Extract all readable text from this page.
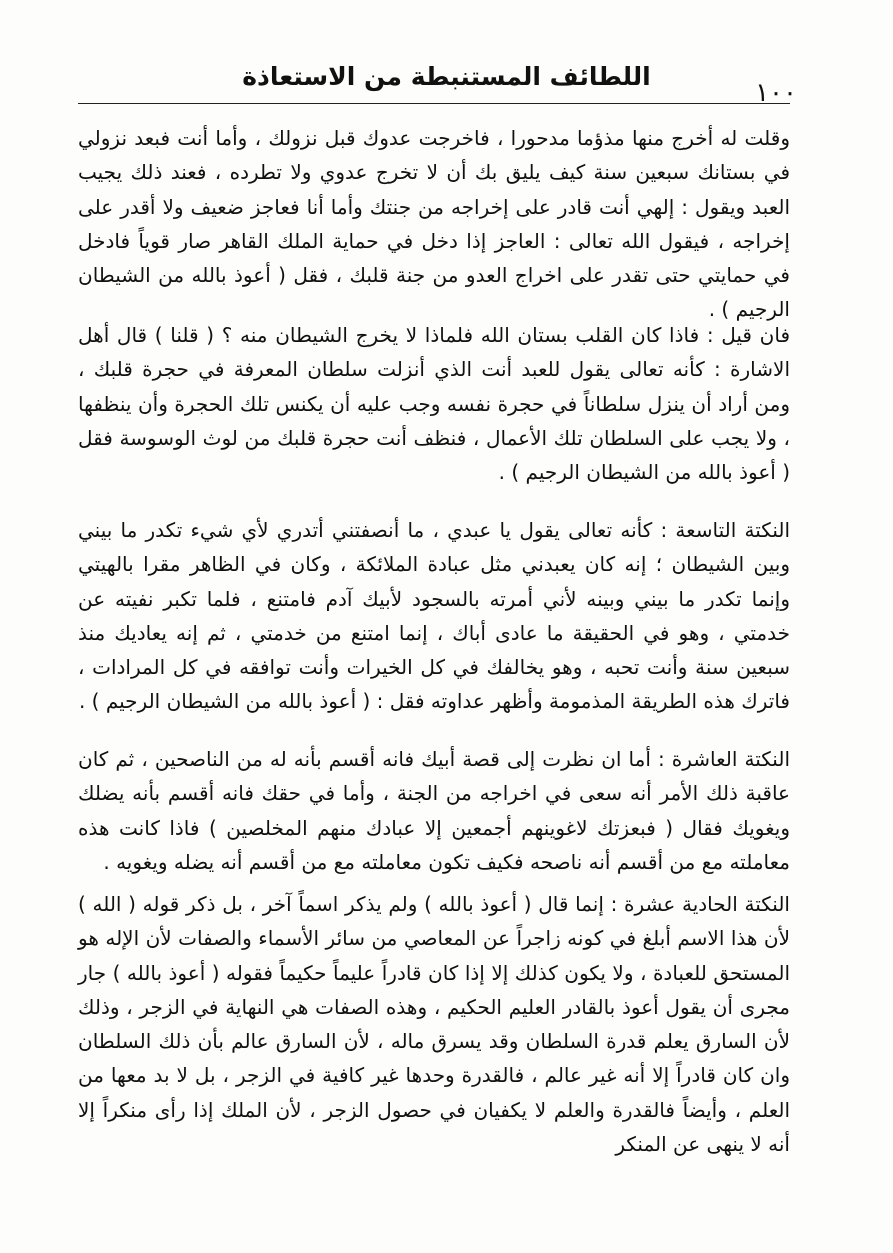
١٠٠
اللطائف المستنبطة من الاستعاذة

وقلت له أخرج منها مذؤما مدحورا ، فاخرجت عدوك قبل نزولك ، وأما أنت فبعد نزولي في بستانك سبعين سنة كيف يليق بك أن لا تخرج عدوي ولا تطرده ، فعند ذلك يجيب العبد ويقول : إلهي أنت قادر على إخراجه من جنتك وأما أنا فعاجز ضعيف ولا أقدر على إخراجه ، فيقول الله تعالى : العاجز إذا دخل في حماية الملك القاهر صار قوياً فادخل في حمايتي حتى تقدر على اخراج العدو من جنة قلبك ، فقل ( أعوذ بالله من الشيطان الرجيم ) .

فان قيل : فاذا كان القلب بستان الله فلماذا لا يخرج الشيطان منه ؟ ( قلنا ) قال أهل الاشارة : كأنه تعالى يقول للعبد أنت الذي أنزلت سلطان المعرفة في حجرة قلبك ، ومن أراد أن ينزل سلطاناً في حجرة نفسه وجب عليه أن يكنس تلك الحجرة وأن ينظفها ، ولا يجب على السلطان تلك الأعمال ، فنظف أنت حجرة قلبك من لوث الوسوسة فقل ( أعوذ بالله من الشيطان الرجيم ) .

النكتة التاسعة : كأنه تعالى يقول يا عبدي ، ما أنصفتني أتدري لأي شيء تكدر ما بيني وبين الشيطان ؛ إنه كان يعبدني مثل عبادة الملائكة ، وكان في الظاهر مقرا بالهيتي وإنما تكدر ما بيني وبينه لأني أمرته بالسجود لأبيك آدم فامتنع ، فلما تكبر نفيته عن خدمتي ، وهو في الحقيقة ما عادى أباك ، إنما امتنع من خدمتي ، ثم إنه يعاديك منذ سبعين سنة وأنت تحبه ، وهو يخالفك في كل الخيرات وأنت توافقه في كل المرادات ، فاترك هذه الطريقة المذمومة وأظهر عداوته فقل : ( أعوذ بالله من الشيطان الرجيم ) .

النكتة العاشرة : أما ان نظرت إلى قصة أبيك فانه أقسم بأنه له من الناصحين ، ثم كان عاقبة ذلك الأمر أنه سعى في اخراجه من الجنة ، وأما في حقك فانه أقسم بأنه يضلك ويغويك فقال ( فبعزتك لاغوينهم أجمعين إلا عبادك منهم المخلصين ) فاذا كانت هذه معاملته مع من أقسم أنه ناصحه فكيف تكون معاملته مع من أقسم أنه يضله ويغويه .

النكتة الحادية عشرة : إنما قال ( أعوذ بالله ) ولم يذكر اسماً آخر ، بل ذكر قوله ( الله ) لأن هذا الاسم أبلغ في كونه زاجراً عن المعاصي من سائر الأسماء والصفات لأن الإله هو المستحق للعبادة ، ولا يكون كذلك إلا إذا كان قادراً عليماً حكيماً فقوله ( أعوذ بالله ) جار مجرى أن يقول أعوذ بالقادر العليم الحكيم ، وهذه الصفات هي النهاية في الزجر ، وذلك لأن السارق يعلم قدرة السلطان وقد يسرق ماله ، لأن السارق عالم بأن ذلك السلطان وان كان قادراً إلا أنه غير عالم ، فالقدرة وحدها غير كافية في الزجر ، بل لا بد معها من العلم ، وأيضاً فالقدرة والعلم لا يكفيان في حصول الزجر ، لأن الملك إذا رأى منكراً إلا أنه لا ينهى عن المنكر
